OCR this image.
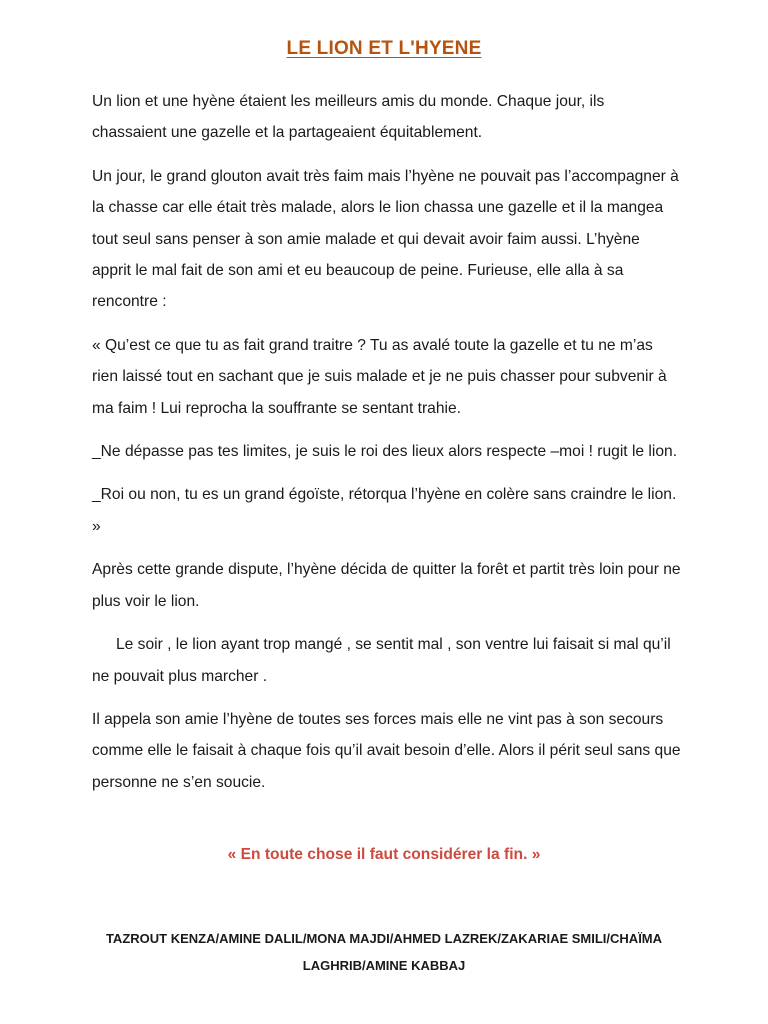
LE LION ET L'HYENE

Un lion et une hyène étaient les meilleurs amis du monde. Chaque jour, ils chassaient une gazelle et la partageaient équitablement.

Un jour, le grand glouton avait très faim mais l’hyène ne pouvait pas l’accompagner à la chasse car elle était très malade, alors le lion chassa une gazelle et il la mangea tout seul sans penser à son amie malade et qui devait avoir faim aussi. L’hyène apprit le mal fait de son ami et eu beaucoup de peine. Furieuse, elle alla à sa rencontre :

« Qu’est ce que tu as fait grand traitre ? Tu as avalé toute la gazelle et tu ne m’as rien laissé tout en sachant que je suis malade et je ne puis chasser pour subvenir à ma faim ! Lui reprocha la souffrante se sentant trahie.

_Ne dépasse pas tes limites, je suis le roi des lieux alors respecte –moi ! rugit le lion.

_Roi ou non, tu es un grand égoïste, rétorqua l’hyène en colère sans craindre le lion. »

Après cette grande dispute, l’hyène décida de quitter la forêt et partit très loin pour ne plus voir le lion.

Le soir , le lion ayant trop mangé , se sentit mal , son ventre lui faisait si mal qu’il ne pouvait plus marcher .

Il appela son amie l’hyène de toutes ses forces mais elle ne vint pas à son secours comme elle le faisait à chaque fois qu’il avait besoin d’elle. Alors il périt seul sans que personne ne s’en soucie.

« En toute chose il faut considérer la fin. »
TAZROUT KENZA/AMINE DALIL/MONA MAJDI/AHMED LAZREK/ZAKARIAE SMILI/CHAÏMA LAGHRIB/AMINE KABBAJ
